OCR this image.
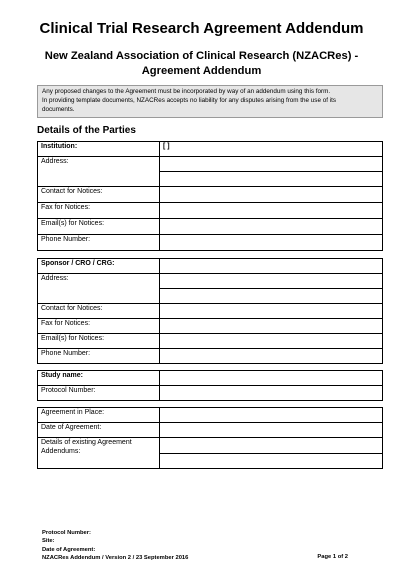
Clinical Trial Research Agreement Addendum
New Zealand Association of Clinical Research (NZACRes) -
Agreement Addendum
Any proposed changes to the Agreement must be incorporated by way of an addendum using this form.
In providing template documents, NZACRes accepts no liability for any disputes arising from the use of its
documents.
Details of the Parties
Institution:	[ ]
Address:	

Contact for Notices:	
Fax for Notices:	
Email(s) for Notices:	
Phone Number:	
Sponsor / CRO / CRG:	
Address:	

Contact for Notices:	
Fax for Notices:	
Email(s) for Notices:	
Phone Number:	
Study name:	
Protocol Number:	
Agreement in Place:	
Date of Agreement:	

Details of existing Agreement
Addendums:	

Protocol Number:
Site:
Date of Agreement:
NZACRes Addendum / Version 2 / 23 September 2016	Page 1 of 2
